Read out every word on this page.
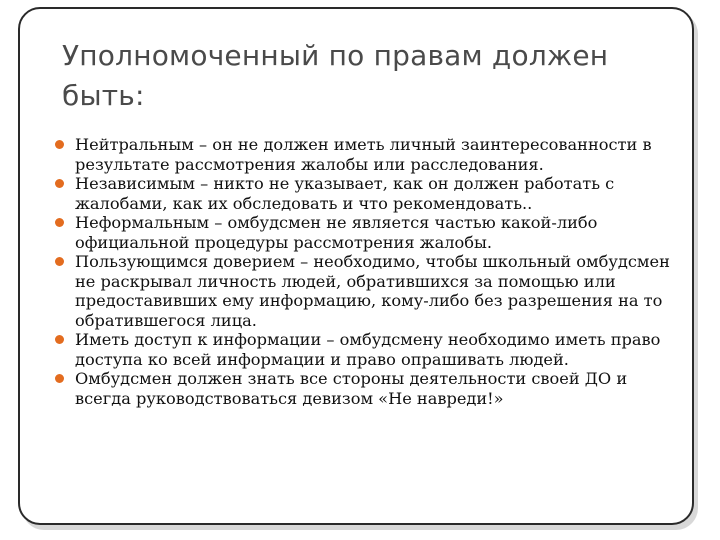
Уполномоченный по правам должен быть:
Нейтральным – он не должен иметь личный заинтересованности в результате рассмотрения жалобы или расследования.
Независимым – никто не указывает, как он должен работать с жалобами, как их обследовать и что рекомендовать..
Неформальным – омбудсмен не является частью какой-либо официальной процедуры рассмотрения жалобы.
Пользующимся доверием – необходимо, чтобы школьный омбудсмен не раскрывал личность людей, обратившихся за помощью или предоставивших ему информацию, кому-либо без разрешения на то обратившегося лица.
Иметь доступ к информации – омбудсмену необходимо иметь право доступа ко всей информации и право опрашивать людей.
Омбудсмен должен знать все стороны деятельности своей ДО и всегда руководствоваться девизом «Не навреди!»
